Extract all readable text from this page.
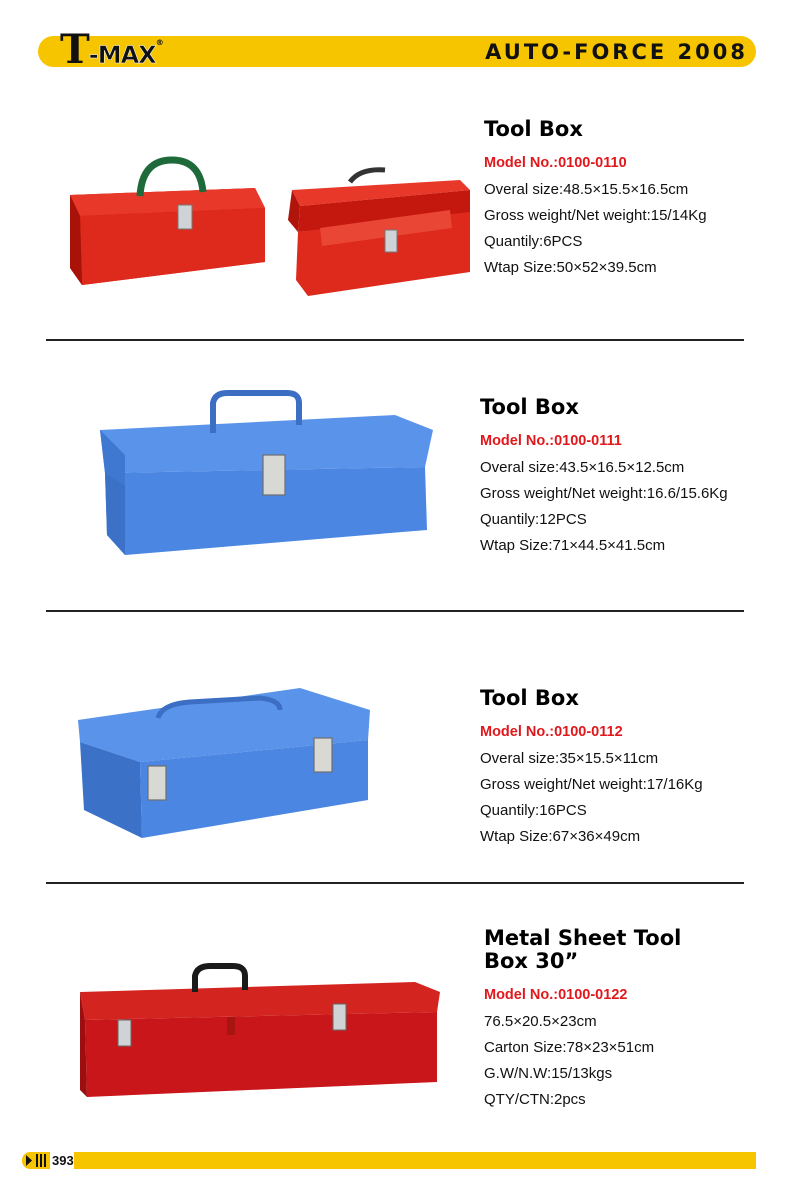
T -MAX ®	AUTO-FORCE 2008
Tool Box
Model No.:0100-0110
Overal size:48.5×15.5×16.5cm
Gross weight/Net weight:15/14Kg
Quantily:6PCS
Wtap Size:50×52×39.5cm
Tool Box
Model No.:0100-0111
Overal size:43.5×16.5×12.5cm
Gross weight/Net weight:16.6/15.6Kg
Quantily:12PCS
Wtap Size:71×44.5×41.5cm
Tool Box
Model No.:0100-0112
Overal size:35×15.5×11cm
Gross weight/Net weight:17/16Kg
Quantily:16PCS
Wtap Size:67×36×49cm
Metal Sheet Tool
Box 30”
Model No.:0100-0122
76.5×20.5×23cm
Carton Size:78×23×51cm
G.W/N.W:15/13kgs
QTY/CTN:2pcs
393
